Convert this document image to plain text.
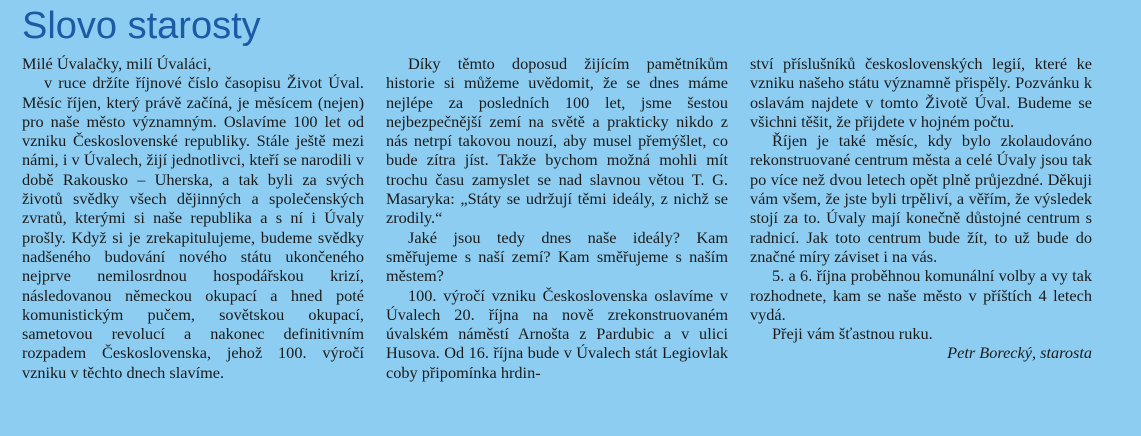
Slovo starosty

Milé Úvalačky, milí Úvaláci,

v ruce držíte říjnové číslo časopisu Život Úval. Měsíc říjen, který právě začíná, je měsícem (nejen) pro naše město významným. Oslavíme 100 let od vzniku Československé republiky. Stále ještě mezi námi, i v Úvalech, žijí jednotlivci, kteří se narodili v době Rakousko – Uherska, a tak byli za svých životů svědky všech dějinných a společenských zvratů, kterými si naše republika a s ní i Úvaly prošly. Když si je zrekapitulujeme, budeme svědky nadšeného budování nového státu ukončeného nejprve nemilosrdnou hospodářskou krizí, následovanou německou okupací a hned poté komunistickým pučem, sovětskou okupací, sametovou revolucí a nakonec definitivním rozpadem Československa, jehož 100. výročí vzniku v těchto dnech slavíme.

Díky těmto doposud žijícím pamětníkům historie si můžeme uvědomit, že se dnes máme nejlépe za posledních 100 let, jsme šestou nejbezpečnější zemí na světě a prakticky nikdo z nás netrpí takovou nouzí, aby musel přemýšlet, co bude zítra jíst. Takže bychom možná mohli mít trochu času zamyslet se nad slavnou větou T. G. Masaryka: „Státy se udržují těmi ideály, z nichž se zrodily.“

Jaké jsou tedy dnes naše ideály? Kam směřujeme s naší zemí? Kam směřujeme s naším městem?

100. výročí vzniku Československa oslavíme v Úvalech 20. října na nově zrekonstruovaném úvalském náměstí Arnošta z Pardubic a v ulici Husova. Od 16. října bude v Úvalech stát Legiovlak coby připomínka hrdin-

ství příslušníků československých legií, které ke vzniku našeho státu významně přispěly. Pozvánku k oslavám najdete v tomto Životě Úval. Budeme se všichni těšit, že přijdete v hojném počtu.

Říjen je také měsíc, kdy bylo zkolaudováno rekonstruované centrum města a celé Úvaly jsou tak po více než dvou letech opět plně průjezdné. Děkuji vám všem, že jste byli trpěliví, a věřím, že výsledek stojí za to. Úvaly mají konečně důstojné centrum s radnicí. Jak toto centrum bude žít, to už bude do značné míry záviset i na vás.

5. a 6. října proběhnou komunální volby a vy tak rozhodnete, kam se naše město v příštích 4 letech vydá.

Přeji vám šťastnou ruku.

Petr Borecký, starosta
